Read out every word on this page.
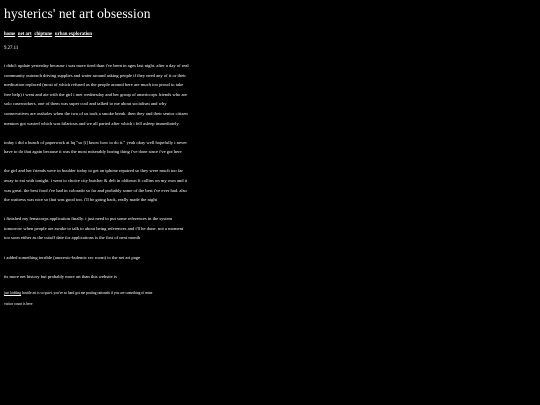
hysterics' net art obsession
home net art chiptune urban exploration
9.27.11

i didn't update yesterday because i was more tired than i've been in ages last night. after a day of real community outreach driving supplies and water around asking people if they need any of it or their medication replaced (most of which refused as the people around here are much too proud to take free help) i went and ate with the girl i met wednesday and her group of americorps friends who are solo caseworkers. one of them was super cool and talked to me about socialism and why conservatives are assholes when the two of us took a smoke break. then they and their senior citizen mentors got wasted which was hilarious and we all parted after which i fell asleep immediately.

today i did a bunch of paperwork at hq "so [i] know how to do it." yeah okay well hopefully i never have to do that again because it was the most miserably boring thing i've done since i've got here

the girl and her friends were in boulder today to get an iphone repaired so they were much too far away to eat with tonight. i went to choice city butcher & deli in oldtown ft collins on my own and it was great. the best food i've had in colorado so far and probably some of the best i've ever had. also the waitress was nice so that was good too. i'll be going back, really made the night

i finished my femacorps application finally. i just need to put some references in the system tomorrow when people are awake to talk to about being references and i'll be done. not a moment too soon either as the cutoff date for applications is the first of next month

i added something terrible (anorexic-bulemic rec room) to the net art page

its more net history but probably more art than this website is

just kidding hostile art is so quiet, you've so hard got me posting rationals if you are something of mine
visitor count is here
